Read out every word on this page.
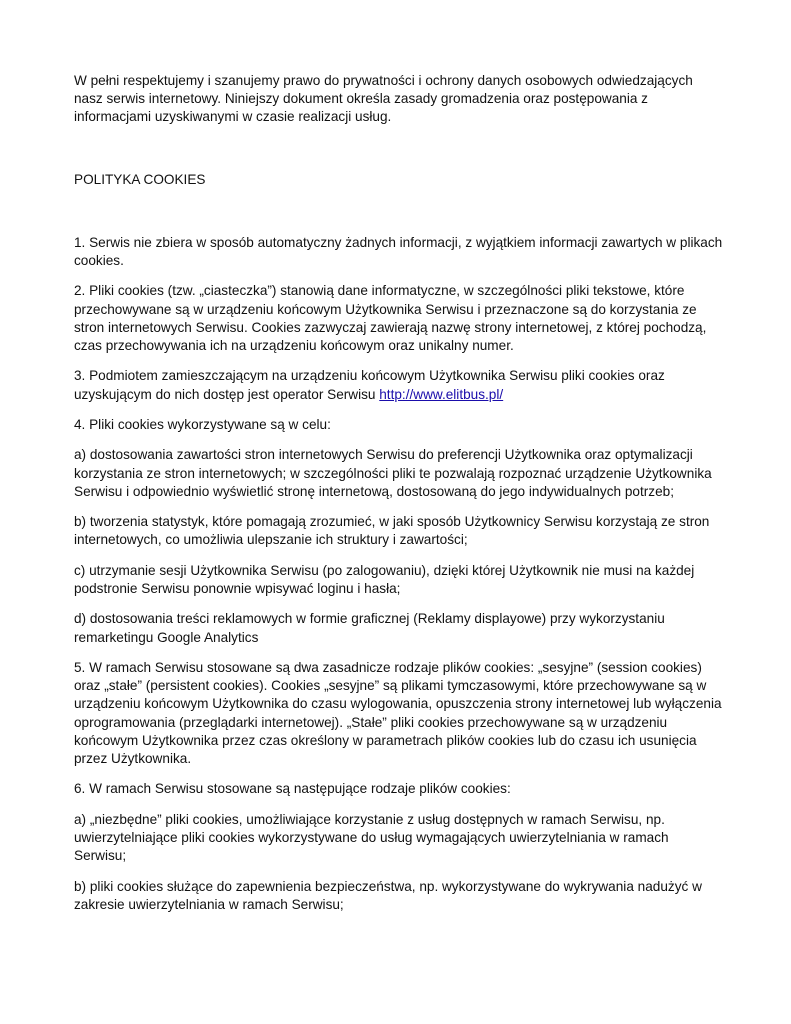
W pełni respektujemy i szanujemy prawo do prywatności i ochrony danych osobowych odwiedzających nasz serwis internetowy. Niniejszy dokument określa zasady gromadzenia oraz postępowania z informacjami uzyskiwanymi w czasie realizacji usług.

POLITYKA COOKIES

1. Serwis nie zbiera w sposób automatyczny żadnych informacji, z wyjątkiem informacji zawartych w plikach cookies.

2. Pliki cookies (tzw. „ciasteczka”) stanowią dane informatyczne, w szczególności pliki tekstowe, które przechowywane są w urządzeniu końcowym Użytkownika Serwisu i przeznaczone są do korzystania ze stron internetowych Serwisu. Cookies zazwyczaj zawierają nazwę strony internetowej, z której pochodzą, czas przechowywania ich na urządzeniu końcowym oraz unikalny numer.

3. Podmiotem zamieszczającym na urządzeniu końcowym Użytkownika Serwisu pliki cookies oraz uzyskującym do nich dostęp jest operator Serwisu http://www.elitbus.pl/

4. Pliki cookies wykorzystywane są w celu:

a) dostosowania zawartości stron internetowych Serwisu do preferencji Użytkownika oraz optymalizacji korzystania ze stron internetowych; w szczególności pliki te pozwalają rozpoznać urządzenie Użytkownika Serwisu i odpowiednio wyświetlić stronę internetową, dostosowaną do jego indywidualnych potrzeb;

b) tworzenia statystyk, które pomagają zrozumieć, w jaki sposób Użytkownicy Serwisu korzystają ze stron internetowych, co umożliwia ulepszanie ich struktury i zawartości;

c) utrzymanie sesji Użytkownika Serwisu (po zalogowaniu), dzięki której Użytkownik nie musi na każdej podstronie Serwisu ponownie wpisywać loginu i hasła;

d) dostosowania treści reklamowych w formie graficznej (Reklamy displayowe) przy wykorzystaniu remarketingu Google Analytics

5. W ramach Serwisu stosowane są dwa zasadnicze rodzaje plików cookies: „sesyjne” (session cookies) oraz „stałe” (persistent cookies). Cookies „sesyjne” są plikami tymczasowymi, które przechowywane są w urządzeniu końcowym Użytkownika do czasu wylogowania, opuszczenia strony internetowej lub wyłączenia oprogramowania (przeglądarki internetowej). „Stałe” pliki cookies przechowywane są w urządzeniu końcowym Użytkownika przez czas określony w parametrach plików cookies lub do czasu ich usunięcia przez Użytkownika.

6. W ramach Serwisu stosowane są następujące rodzaje plików cookies:

a) „niezbędne” pliki cookies, umożliwiające korzystanie z usług dostępnych w ramach Serwisu, np. uwierzytelniające pliki cookies wykorzystywane do usług wymagających uwierzytelniania w ramach Serwisu;

b) pliki cookies służące do zapewnienia bezpieczeństwa, np. wykorzystywane do wykrywania nadużyć w zakresie uwierzytelniania w ramach Serwisu;
